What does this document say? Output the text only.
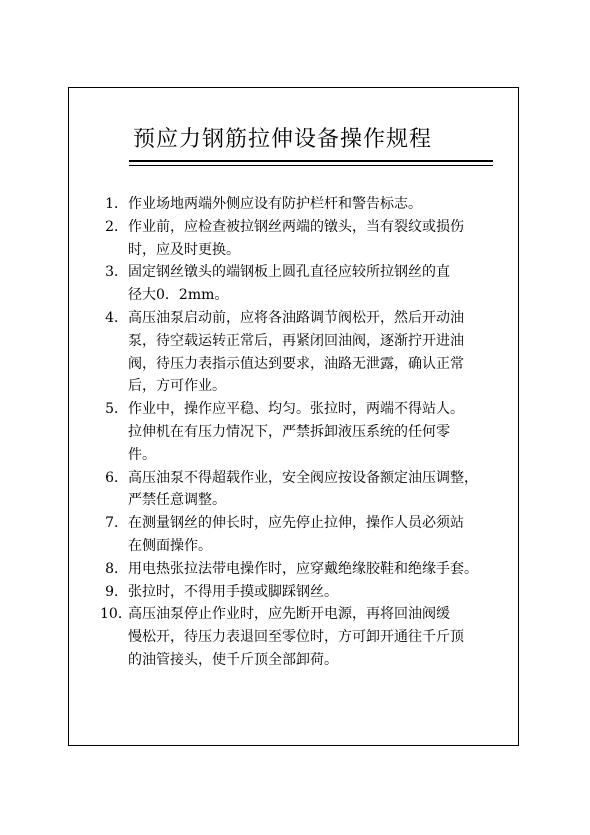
预应力钢筋拉伸设备操作规程
1． 作业场地两端外侧应设有防护栏杆和警告标志。
2． 作业前，应检查被拉钢丝两端的镦头，当有裂纹或损伤
时，应及时更换。
3． 固定钢丝镦头的端钢板上圆孔直径应较所拉钢丝的直
径大0．2mm。
4． 高压油泵启动前，应将各油路调节阀松开，然后开动油
泵，待空载运转正常后，再紧闭回油阀，逐渐拧开进油
阀，待压力表指示值达到要求，油路无泄露，确认正常
后，方可作业。
5． 作业中，操作应平稳、均匀。张拉时，两端不得站人。
拉伸机在有压力情况下，严禁拆卸液压系统的任何零
件。
6． 高压油泵不得超载作业，安全阀应按设备额定油压调整，
严禁任意调整。
7． 在测量钢丝的伸长时，应先停止拉伸，操作人员必须站
在侧面操作。
8． 用电热张拉法带电操作时，应穿戴绝缘胶鞋和绝缘手套。
9． 张拉时，不得用手摸或脚踩钢丝。
10．
高压油泵停止作业时，应先断开电源，再将回油阀缓
慢松开，待压力表退回至零位时，方可卸开通往千斤顶
的油管接头，使千斤顶全部卸荷。
